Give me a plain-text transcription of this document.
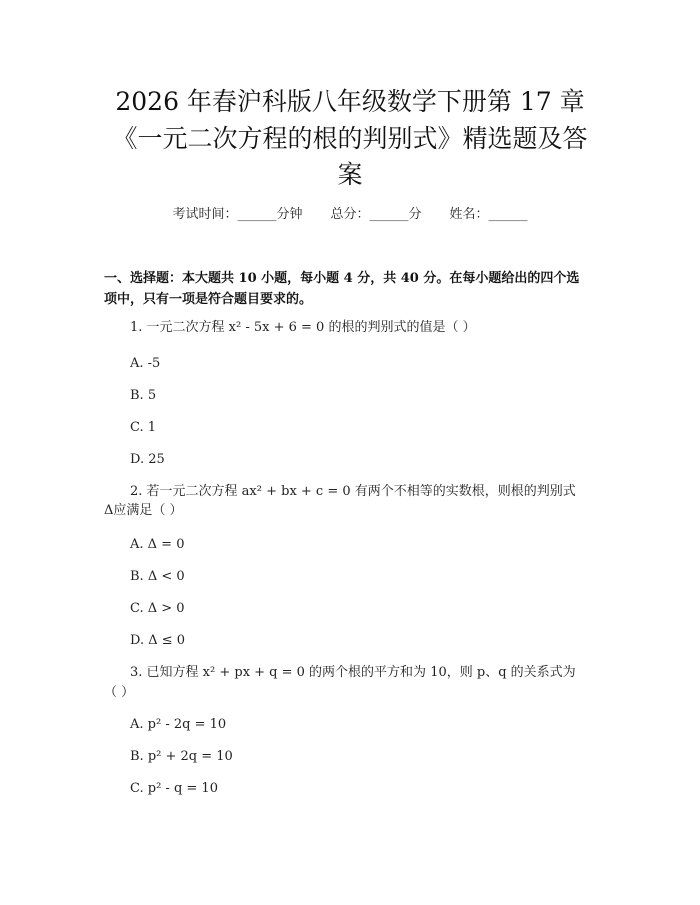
2026 年春沪科版八年级数学下册第 17 章
《一元二次方程的根的判别式》精选题及答
案
考试时间：______分钟 总分：______分 姓名：______
一、选择题：本大题共 10 小题，每小题 4 分，共 40 分。在每小题给出的四个选
项中，只有一项是符合题目要求的。
1. 一元二次方程 x² - 5x + 6 = 0 的根的判别式的值是（ ）
A. -5
B. 5
C. 1
D. 25
2. 若一元二次方程 ax² + bx + c = 0 有两个不相等的实数根，则根的判别式
Δ应满足（ ）
A. Δ = 0
B. Δ < 0
C. Δ > 0
D. Δ ≤ 0
3. 已知方程 x² + px + q = 0 的两个根的平方和为 10，则 p、q 的关系式为
（ ）
A. p² - 2q = 10
B. p² + 2q = 10
C. p² - q = 10
